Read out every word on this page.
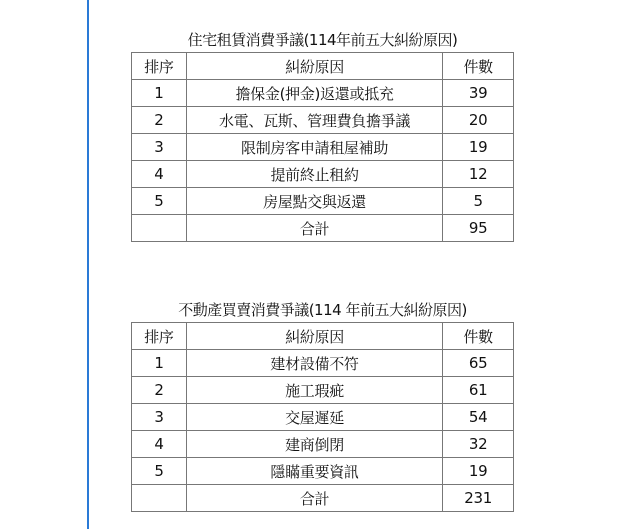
住宅租賃消費爭議(114年前五大糾紛原因)
排序	糾紛原因	件數
1	擔保金(押金)返還或抵充	39
2	水電、瓦斯、管理費負擔爭議	20
3	限制房客申請租屋補助	19
4	提前終止租約	12
5	房屋點交與返還	5
	合計	95
不動產買賣消費爭議(114 年前五大糾紛原因)
排序	糾紛原因	件數
1	建材設備不符	65
2	施工瑕疵	61
3	交屋遲延	54
4	建商倒閉	32
5	隱瞞重要資訊	19
	合計	231
